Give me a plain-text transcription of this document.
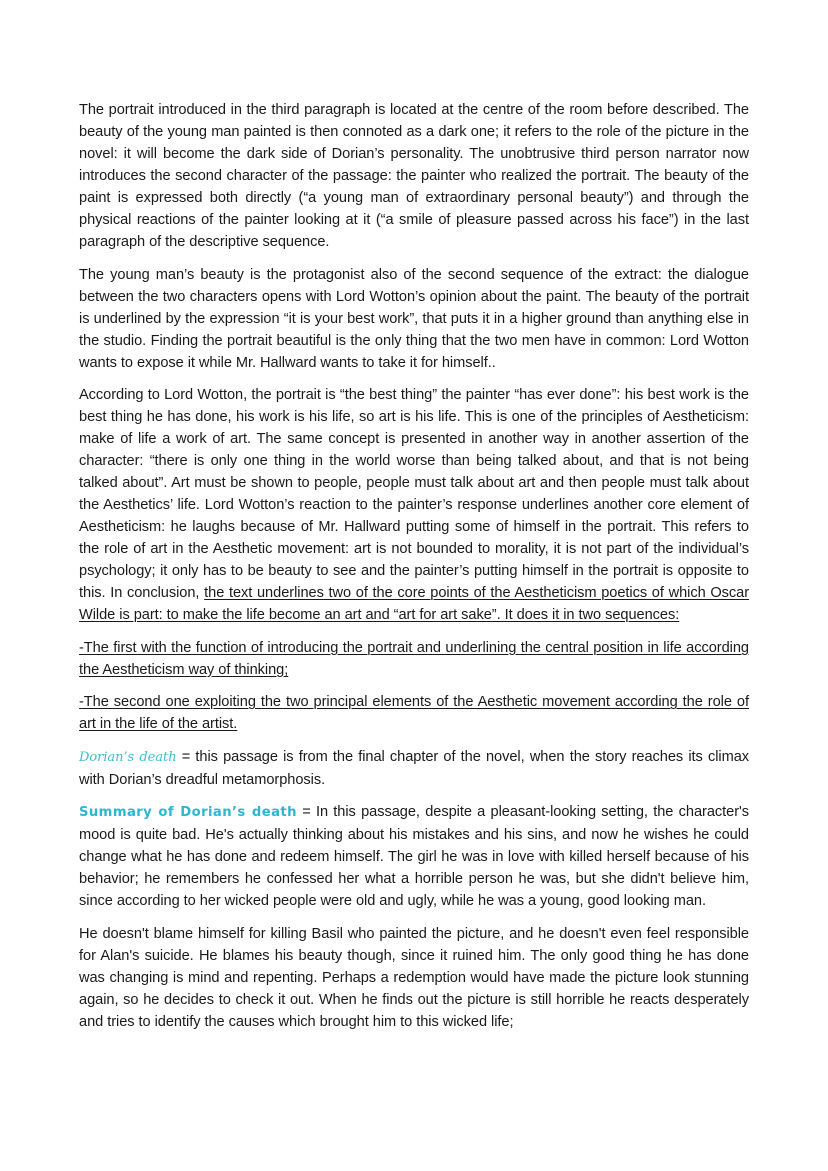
The portrait introduced in the third paragraph is located at the centre of the room before described. The beauty of the young man painted is then connoted as a dark one; it refers to the role of the picture in the novel: it will become the dark side of Dorian’s personality. The unobtrusive third person narrator now introduces the second character of the passage: the painter who realized the portrait. The beauty of the paint is expressed both directly (“a young man of extraordinary personal beauty”) and through the physical reactions of the painter looking at it (“a smile of pleasure passed across his face”) in the last paragraph of the descriptive sequence.

The young man’s beauty is the protagonist also of the second sequence of the extract: the dialogue between the two characters opens with Lord Wotton’s opinion about the paint. The beauty of the portrait is underlined by the expression “it is your best work”, that puts it in a higher ground than anything else in the studio. Finding the portrait beautiful is the only thing that the two men have in common: Lord Wotton wants to expose it while Mr. Hallward wants to take it for himself..

According to Lord Wotton, the portrait is “the best thing” the painter “has ever done”: his best work is the best thing he has done, his work is his life, so art is his life. This is one of the principles of Aestheticism: make of life a work of art. The same concept is presented in another way in another assertion of the character: “there is only one thing in the world worse than being talked about, and that is not being talked about”. Art must be shown to people, people must talk about art and then people must talk about the Aesthetics’ life. Lord Wotton’s reaction to the painter’s response underlines another core element of Aestheticism: he laughs because of Mr. Hallward putting some of himself in the portrait. This refers to the role of art in the Aesthetic movement: art is not bounded to morality, it is not part of the individual’s psychology; it only has to be beauty to see and the painter’s putting himself in the portrait is opposite to this. In conclusion, the text underlines two of the core points of the Aestheticism poetics of which Oscar Wilde is part: to make the life become an art and “art for art sake”. It does it in two sequences:

-The first with the function of introducing the portrait and underlining the central position in life according the Aestheticism way of thinking;

-The second one exploiting the two principal elements of the Aesthetic movement according the role of art in the life of the artist.

Dorian’s death = this passage is from the final chapter of the novel, when the story reaches its climax with Dorian’s dreadful metamorphosis.

Summary of Dorian’s death = In this passage, despite a pleasant-looking setting, the character's mood is quite bad. He's actually thinking about his mistakes and his sins, and now he wishes he could change what he has done and redeem himself. The girl he was in love with killed herself because of his behavior; he remembers he confessed her what a horrible person he was, but she didn't believe him, since according to her wicked people were old and ugly, while he was a young, good looking man.

He doesn't blame himself for killing Basil who painted the picture, and he doesn't even feel responsible for Alan's suicide. He blames his beauty though, since it ruined him. The only good thing he has done was changing is mind and repenting. Perhaps a redemption would have made the picture look stunning again, so he decides to check it out. When he finds out the picture is still horrible he reacts desperately and tries to identify the causes which brought him to this wicked life;
